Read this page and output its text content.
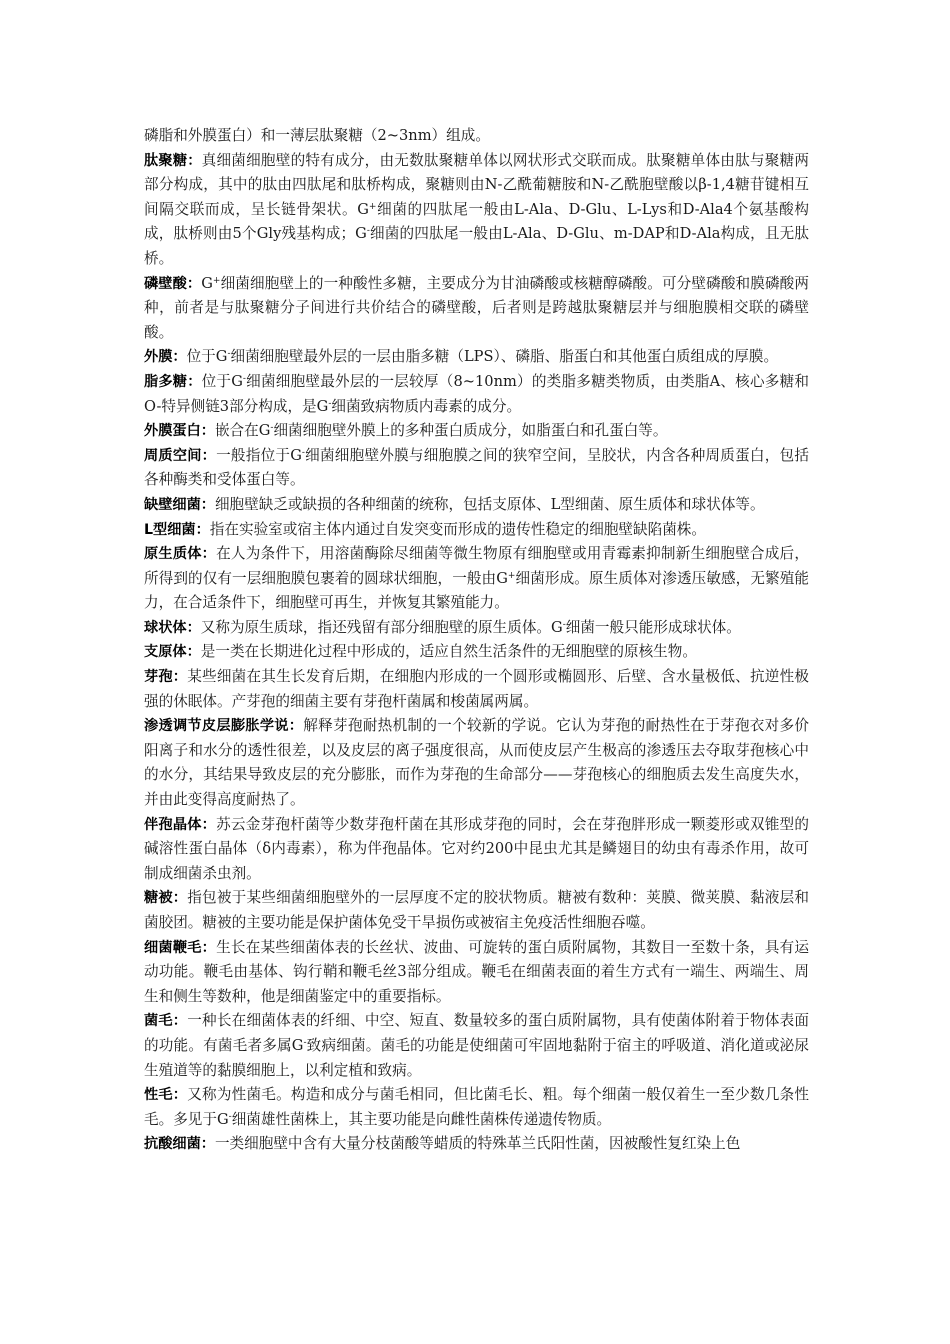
磷脂和外膜蛋白）和一薄层肽聚糖（2~3nm）组成。

肽聚糖：真细菌细胞壁的特有成分，由无数肽聚糖单体以网状形式交联而成。肽聚糖单体由肽与聚糖两部分构成，其中的肽由四肽尾和肽桥构成，聚糖则由N-乙酰葡糖胺和N-乙酰胞壁酸以β-1,4糖苷键相互间隔交联而成，呈长链骨架状。G+细菌的四肽尾一般由L-Ala、D-Glu、L-Lys和D-Ala4个氨基酸构成，肽桥则由5个Gly残基构成；G-细菌的四肽尾一般由L-Ala、D-Glu、m-DAP和D-Ala构成，且无肽桥。

磷壁酸：G+细菌细胞壁上的一种酸性多糖，主要成分为甘油磷酸或核糖醇磷酸。可分壁磷酸和膜磷酸两种，前者是与肽聚糖分子间进行共价结合的磷壁酸，后者则是跨越肽聚糖层并与细胞膜相交联的磷壁酸。

外膜：位于G-细菌细胞壁最外层的一层由脂多糖（LPS）、磷脂、脂蛋白和其他蛋白质组成的厚膜。

脂多糖：位于G-细菌细胞壁最外层的一层较厚（8~10nm）的类脂多糖类物质，由类脂A、核心多糖和O-特异侧链3部分构成，是G-细菌致病物质内毒素的成分。

外膜蛋白：嵌合在G-细菌细胞壁外膜上的多种蛋白质成分，如脂蛋白和孔蛋白等。

周质空间：一般指位于G-细菌细胞壁外膜与细胞膜之间的狭窄空间，呈胶状，内含各种周质蛋白，包括各种酶类和受体蛋白等。

缺壁细菌：细胞壁缺乏或缺损的各种细菌的统称，包括支原体、L型细菌、原生质体和球状体等。

L型细菌：指在实验室或宿主体内通过自发突变而形成的遗传性稳定的细胞壁缺陷菌株。

原生质体：在人为条件下，用溶菌酶除尽细菌等微生物原有细胞壁或用青霉素抑制新生细胞壁合成后，所得到的仅有一层细胞膜包裹着的圆球状细胞，一般由G+细菌形成。原生质体对渗透压敏感，无繁殖能力，在合适条件下，细胞壁可再生，并恢复其繁殖能力。

球状体：又称为原生质球，指还残留有部分细胞壁的原生质体。G-细菌一般只能形成球状体。

支原体：是一类在长期进化过程中形成的，适应自然生活条件的无细胞壁的原核生物。

芽孢：某些细菌在其生长发育后期，在细胞内形成的一个圆形或椭圆形、后壁、含水量极低、抗逆性极强的休眠体。产芽孢的细菌主要有芽孢杆菌属和梭菌属两属。

渗透调节皮层膨胀学说：解释芽孢耐热机制的一个较新的学说。它认为芽孢的耐热性在于芽孢衣对多价阳离子和水分的透性很差，以及皮层的离子强度很高，从而使皮层产生极高的渗透压去夺取芽孢核心中的水分，其结果导致皮层的充分膨胀，而作为芽孢的生命部分——芽孢核心的细胞质去发生高度失水，并由此变得高度耐热了。

伴孢晶体：苏云金芽孢杆菌等少数芽孢杆菌在其形成芽孢的同时，会在芽孢胖形成一颗菱形或双锥型的碱溶性蛋白晶体（δ内毒素），称为伴孢晶体。它对约200中昆虫尤其是鳞翅目的幼虫有毒杀作用，故可制成细菌杀虫剂。

糖被：指包被于某些细菌细胞壁外的一层厚度不定的胶状物质。糖被有数种：荚膜、微荚膜、黏液层和菌胶团。糖被的主要功能是保护菌体免受干旱损伤或被宿主免疫活性细胞吞噬。

细菌鞭毛：生长在某些细菌体表的长丝状、波曲、可旋转的蛋白质附属物，其数目一至数十条，具有运动功能。鞭毛由基体、钩行鞘和鞭毛丝3部分组成。鞭毛在细菌表面的着生方式有一端生、两端生、周生和侧生等数种，他是细菌鉴定中的重要指标。

菌毛：一种长在细菌体表的纤细、中空、短直、数量较多的蛋白质附属物，具有使菌体附着于物体表面的功能。有菌毛者多属G-致病细菌。菌毛的功能是使细菌可牢固地黏附于宿主的呼吸道、消化道或泌尿生殖道等的黏膜细胞上，以利定植和致病。

性毛：又称为性菌毛。构造和成分与菌毛相同，但比菌毛长、粗。每个细菌一般仅着生一至少数几条性毛。多见于G-细菌雄性菌株上，其主要功能是向雌性菌株传递遗传物质。

抗酸细菌：一类细胞壁中含有大量分枝菌酸等蜡质的特殊革兰氏阳性菌，因被酸性复红染上色
